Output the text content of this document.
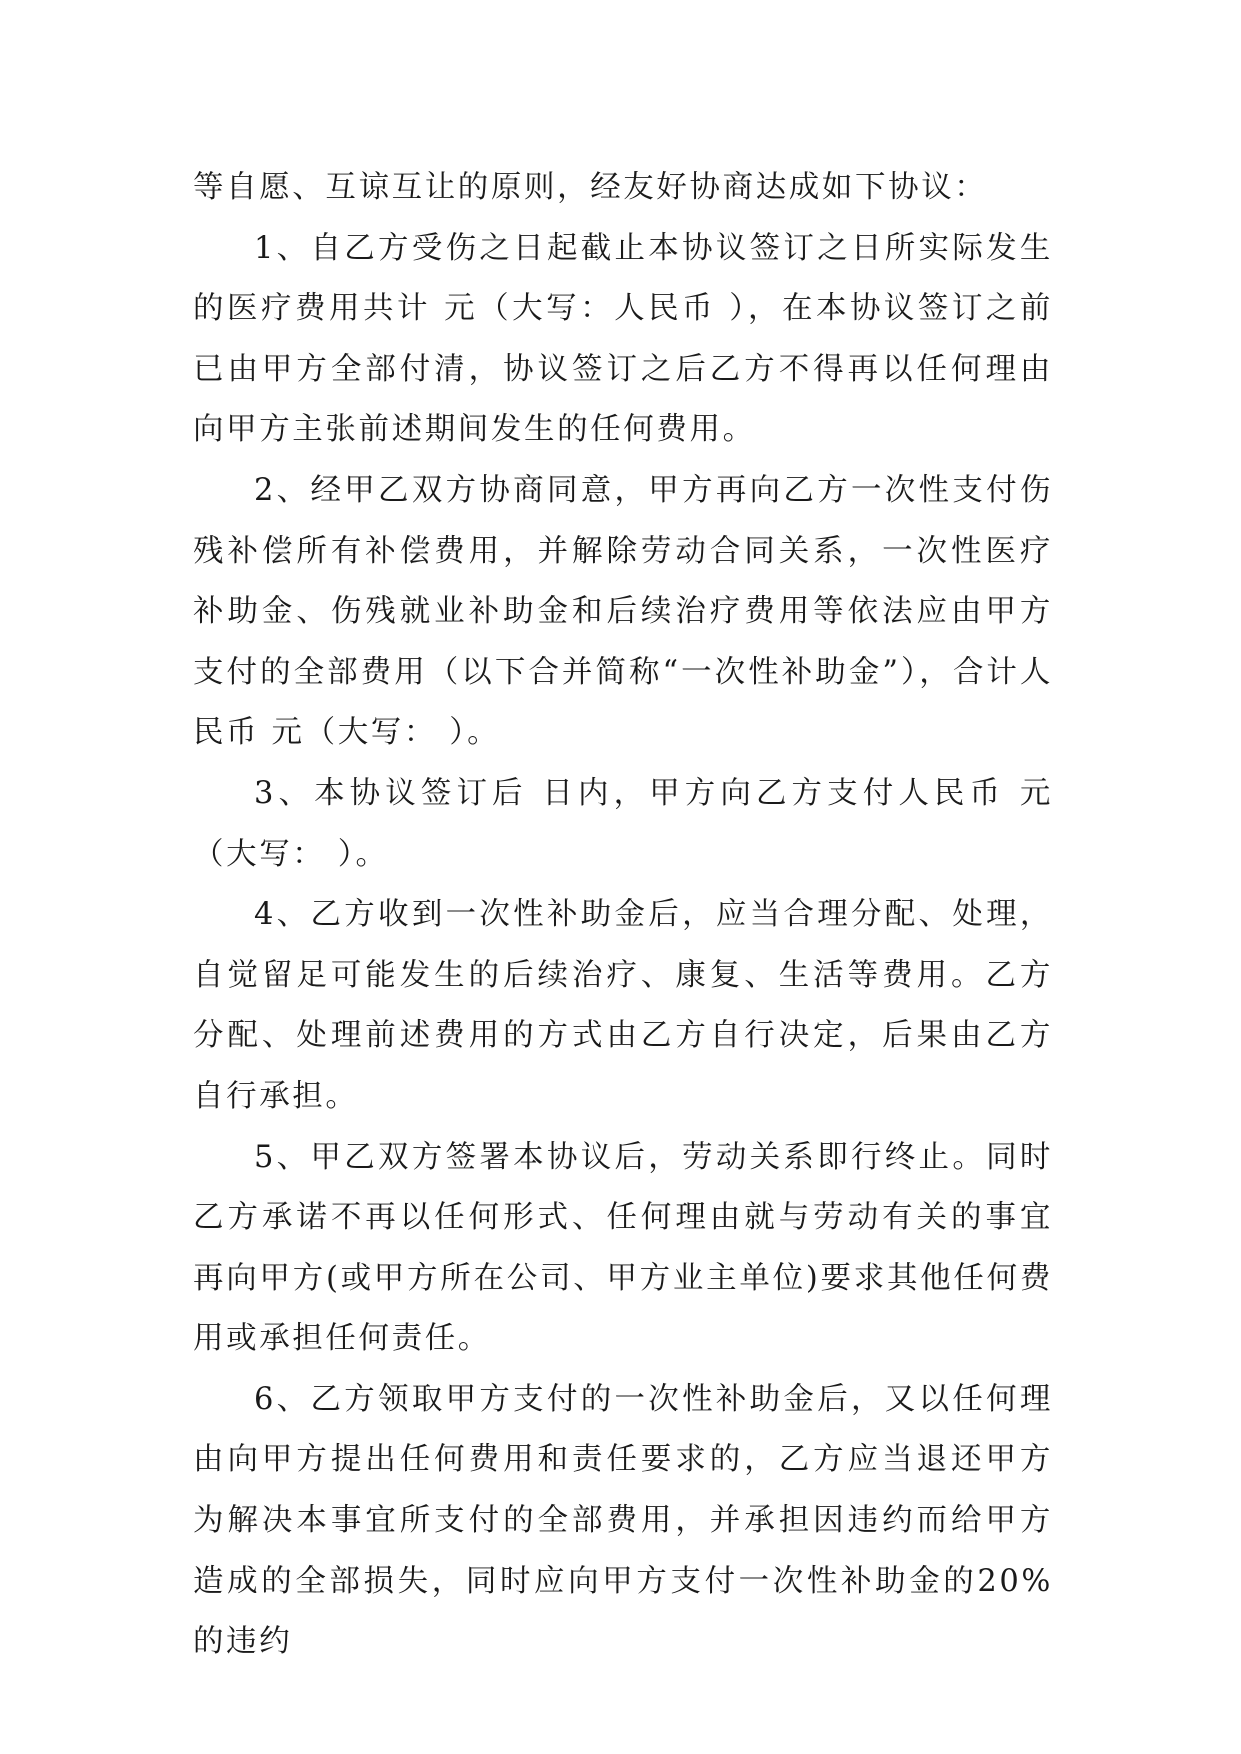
等自愿、互谅互让的原则，经友好协商达成如下协议：

1、自乙方受伤之日起截止本协议签订之日所实际发生的医疗费用共计 元（大写：人民币 ），在本协议签订之前已由甲方全部付清，协议签订之后乙方不得再以任何理由向甲方主张前述期间发生的任何费用。

2、经甲乙双方协商同意，甲方再向乙方一次性支付伤残补偿所有补偿费用，并解除劳动合同关系，一次性医疗补助金、伤残就业补助金和后续治疗费用等依法应由甲方支付的全部费用（以下合并简称“一次性补助金”），合计人民币 元（大写： ）。

3、本协议签订后 日内，甲方向乙方支付人民币 元（大写： ）。

4、乙方收到一次性补助金后，应当合理分配、处理，自觉留足可能发生的后续治疗、康复、生活等费用。乙方分配、处理前述费用的方式由乙方自行决定，后果由乙方自行承担。

5、甲乙双方签署本协议后，劳动关系即行终止。同时乙方承诺不再以任何形式、任何理由就与劳动有关的事宜再向甲方(或甲方所在公司、甲方业主单位)要求其他任何费用或承担任何责任。

6、乙方领取甲方支付的一次性补助金后，又以任何理由向甲方提出任何费用和责任要求的，乙方应当退还甲方为解决本事宜所支付的全部费用，并承担因违约而给甲方造成的全部损失，同时应向甲方支付一次性补助金的20%的违约
